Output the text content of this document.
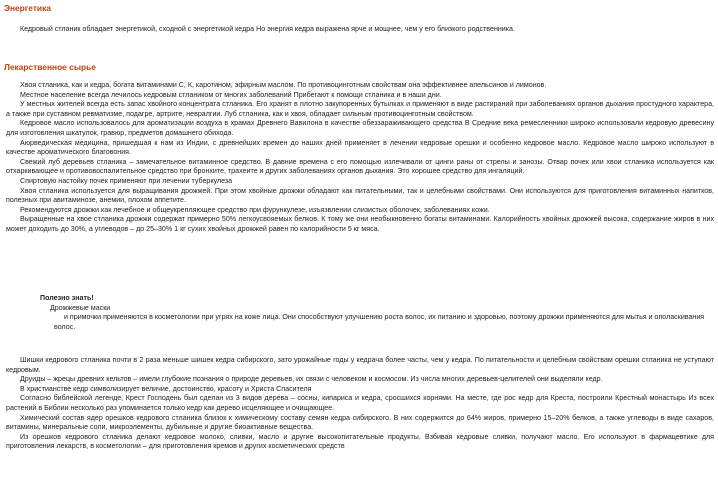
Энергетика

Кедровый стланик обладает энергетикой, сходной с энергетикой кедра Но энергия кедра выражена ярче и мощнее, чем у его близкого родственника.

Лекарственное сырье

Хвоя стланика, как и кедра, богата витаминами С, К, каротином, эфирным маслом. По противоцинготным свойствам она эффективнее апельсинов и лимонов.

Местное население всегда лечилось кедровым стлаником от многих заболеваний Прибегают к помощи стланика и в наши дни.

У местных жителей всегда есть запас хвойного концентрата стланика. Его хранят в плотно закупоренных бутылках и применяют в виде растираний при заболеваниях органов дыхания простудного характера, а также при суставном ревматизме, подагре, артрите, невралгии. Луб стланика, как и хвоя, обладает сильным противоцинготным свойством.

Кедровое масло использовалось для ароматизации воздуха в храмах Древнего Вавилона в качестве обеззараживающего средства В Средние века ремесленники широко использовали кедровую древесину для изготовления шкатулок, гравюр, предметов домашнего обихода.

Аюрведическая медицина, пришедшая к нам из Индии, с древнейших времен до наших дней применяет в лечении кедровые орешки и особенно кедровое масло. Кедровое масло широко используют в качестве ароматического благовония.

Свежий луб деревьев стланика – замечательное витаминное средство. В давние времена с его помощью излечивали от цинги раны от стрелы и занозы. Отвар почек или хвои стланика используется как отхаркивающее и противовоспалительное средство при бронхите, трахеите и других заболеваниях органов дыхания. Это хорошее средство для ингаляций.

Спиртовую настойку почек применяют при лечении туберкулеза

Хвоя стланика используется для выращивания дрожжей. При этом хвойные дрожжи обладают как питательными, так и целебными свойствами. Они используются для приготовления витаминных напитков, полезных при авитаминозе, анемии, плохом аппетите.

Рекомендуются дрожжи как лечебное и общеукрепляющее средство при фурункулезе, изъязвлении слизистых оболочек, заболеваниях кожи.

Выращенные на хвое стланика дрожжи содержат примерно 50% легкоусвояемых белков. К тому же они необыкновенно богаты витаминами. Калорийность хвойных дрожжей высока, содержание жиров в них может доходить до 30%, а углеводов – до 25–30% 1 кг сухих хвойных дрожжей равен по калорийности 5 кг мяса.

Полезно знать!

Дрожжевые маски

и примочки применяются в косметологии при угрях на коже лица. Они способствуют улучшению роста волос, их питанию и здоровью, поэтому дрожжи применяются для мытья и ополаскивания волос.

Шишки кедрового стланика почти в 2 раза меньше шишек кедра сибирского, зато урожайные годы у кедрача более часты, чем у кедра. По питательности и целебным свойствам орешки стланика не уступают кедровым.

Друиды – жрецы древних кельтов – имели глубокие познания о природе деревьев, их связи с человеком и космосом. Из числа многих деревьев-целителей они выделяли кедр.

В христианстве кедр символизирует величие, достоинство, красоту и Христа Спасителя

Согласно библейской легенде, Крест Господень был сделан из 3 видов дерева – сосны, кипариса и кедра, сросшихся корнями. На месте, где рос кедр для Креста, построили Крестный монастырь Из всех растений в Библии несколько раз упоминается только кедр как дерево исцеляющее и очищающее.

Химический состав ядер орешков кедрового стланика близок к химическому составу семян кедра сибирского. В них содержится до 64% жиров, примерно 15–20% белков, а также углеводы в виде сахаров, витамины, минеральные соли, микроэлементы, дубильные и другие биоактивные вещества.

Из орешков кедрового стланика делают кедровое молоко, сливки, масло и другие высокопитательные продукты. Взбивая кедровые сливки, получают масло. Его используют в фармацевтике для приготовления лекарств, в косметологии – для приготовления кремов и других косметических средств
